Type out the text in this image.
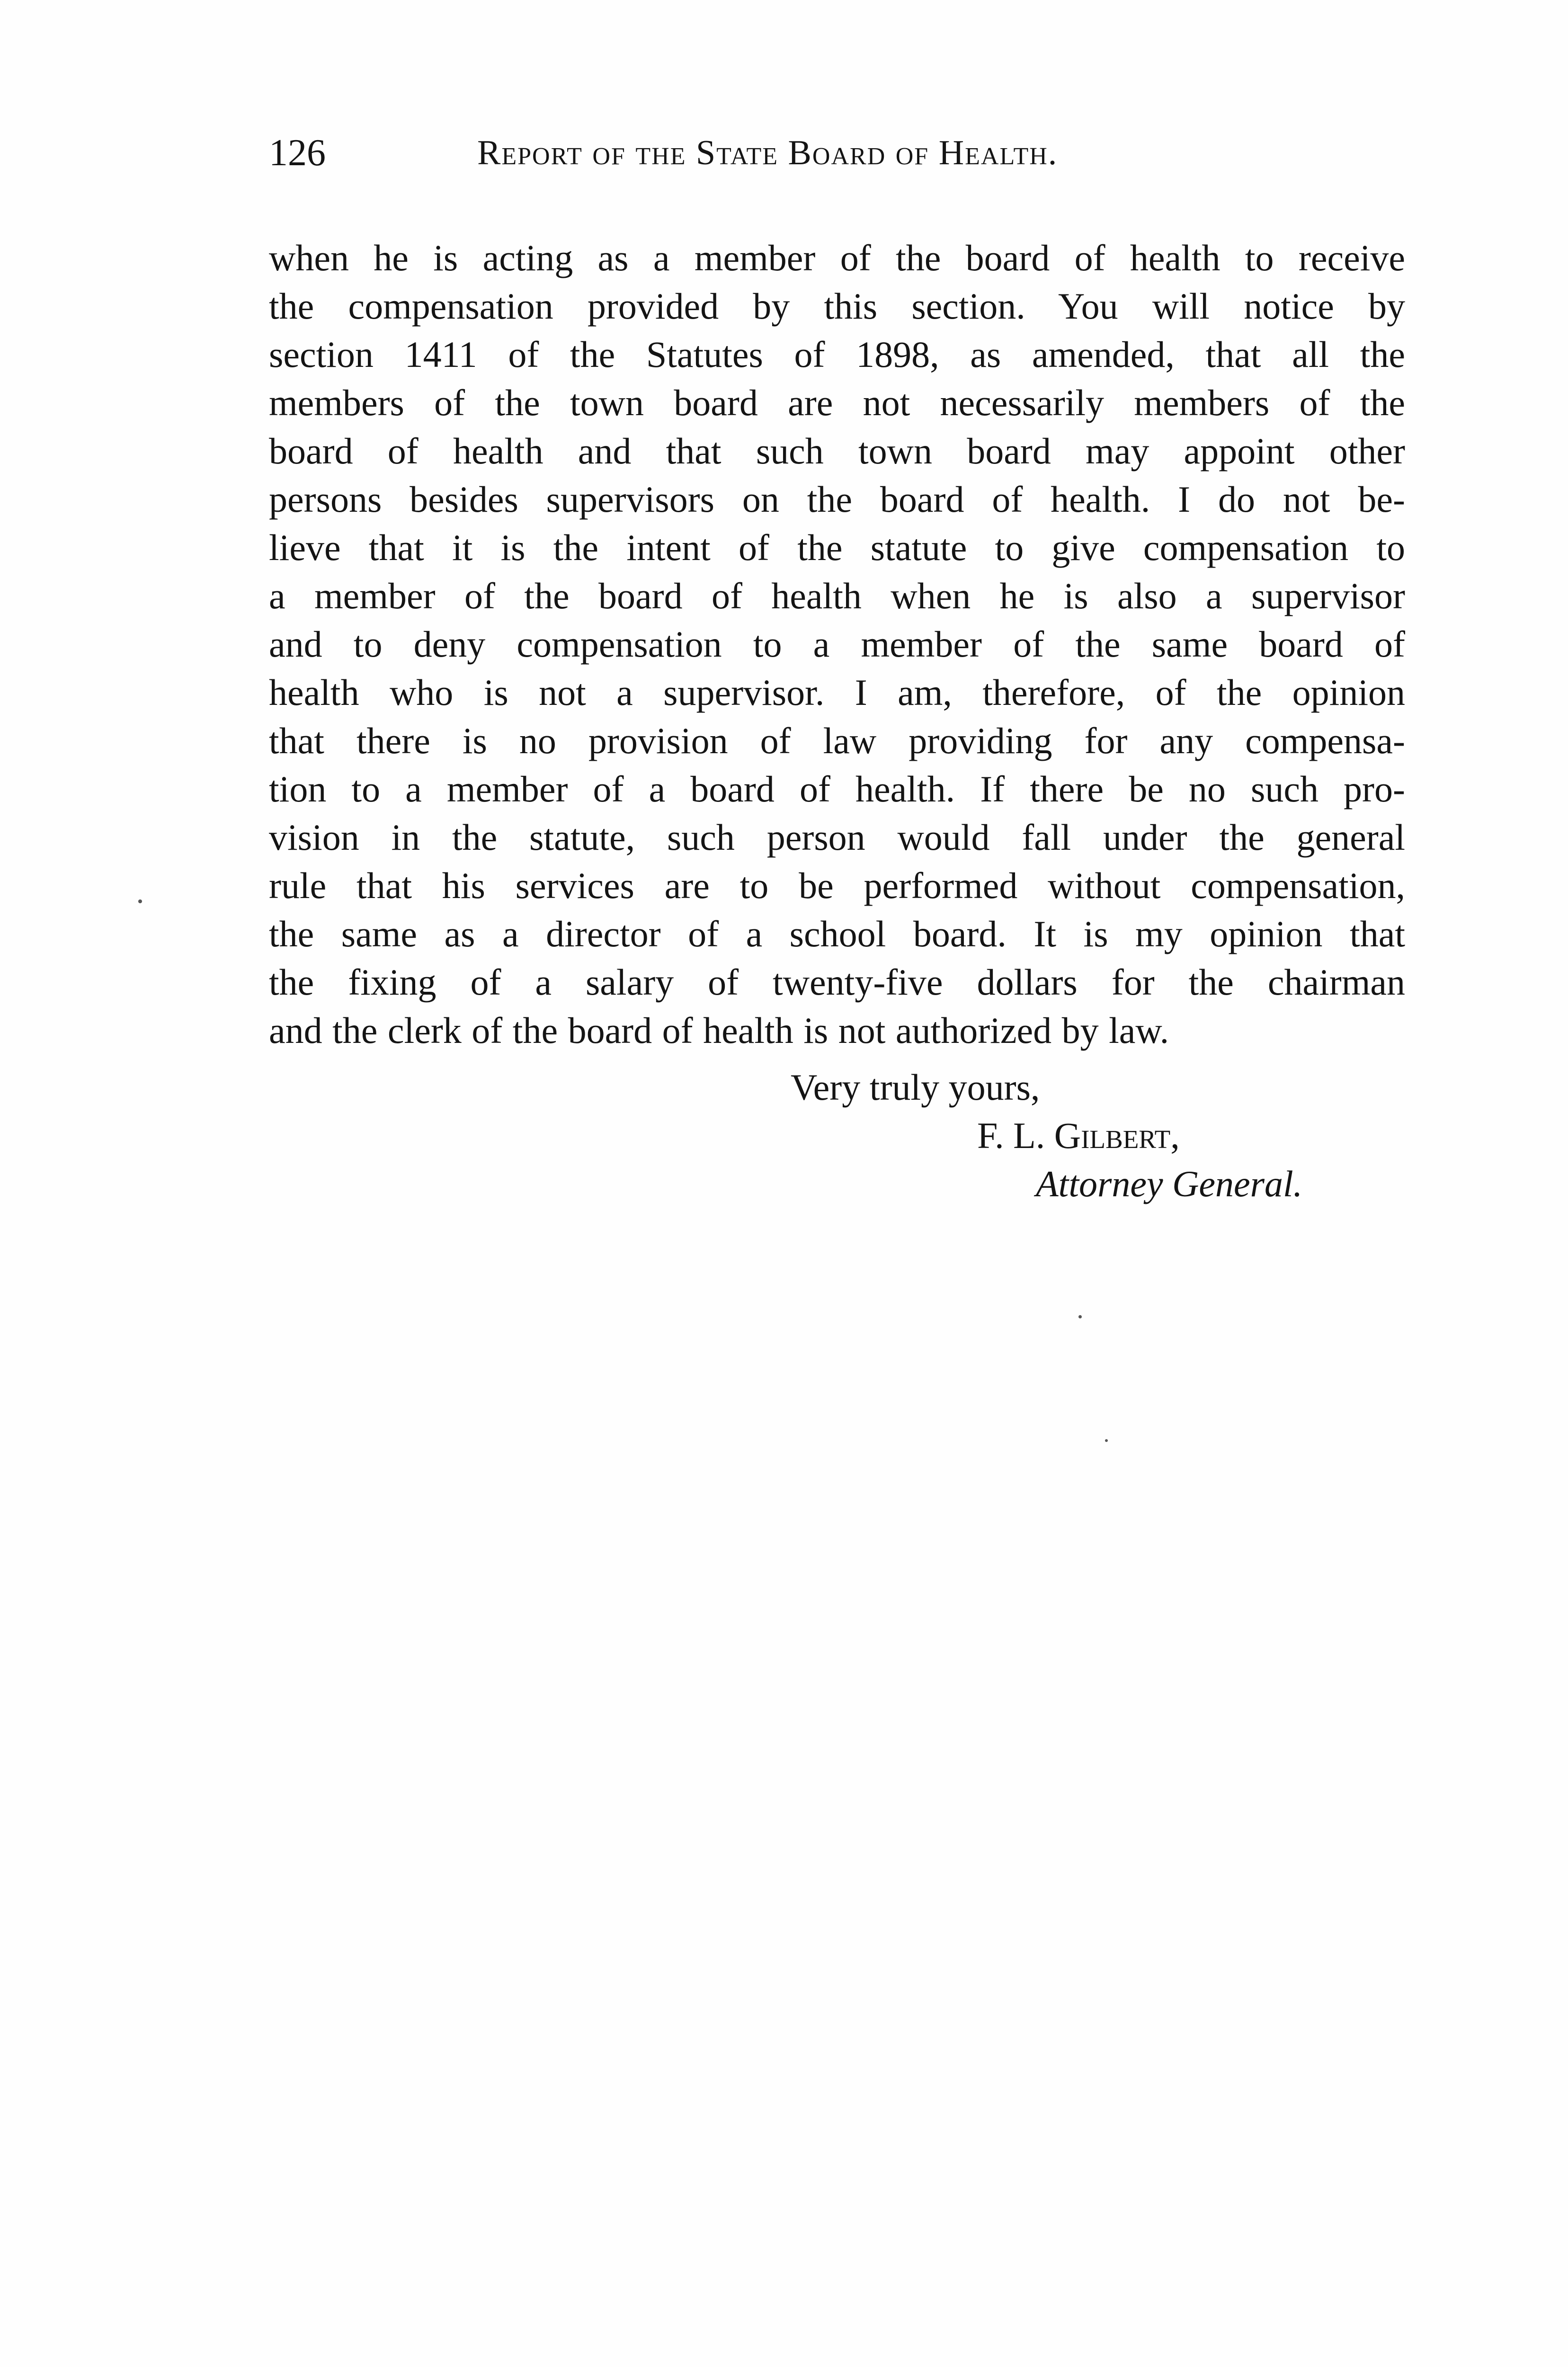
126	Report of the State Board of Health.
when he is acting as a member of the board of health to receive
the compensation provided by this section. You will notice by
section 1411 of the Statutes of 1898, as amended, that all the
members of the town board are not necessarily members of the
board of health and that such town board may appoint other
persons besides supervisors on the board of health. I do not be-
lieve that it is the intent of the statute to give compensation to
a member of the board of health when he is also a supervisor
and to deny compensation to a member of the same board of
health who is not a supervisor. I am, therefore, of the opinion
that there is no provision of law providing for any compensa-
tion to a member of a board of health. If there be no such pro-
vision in the statute, such person would fall under the general
rule that his services are to be performed without compensation,
the same as a director of a school board. It is my opinion that
the fixing of a salary of twenty-five dollars for the chairman
and the clerk of the board of health is not authorized by law.
Very truly yours,
F. L. Gilbert,
Attorney General.
